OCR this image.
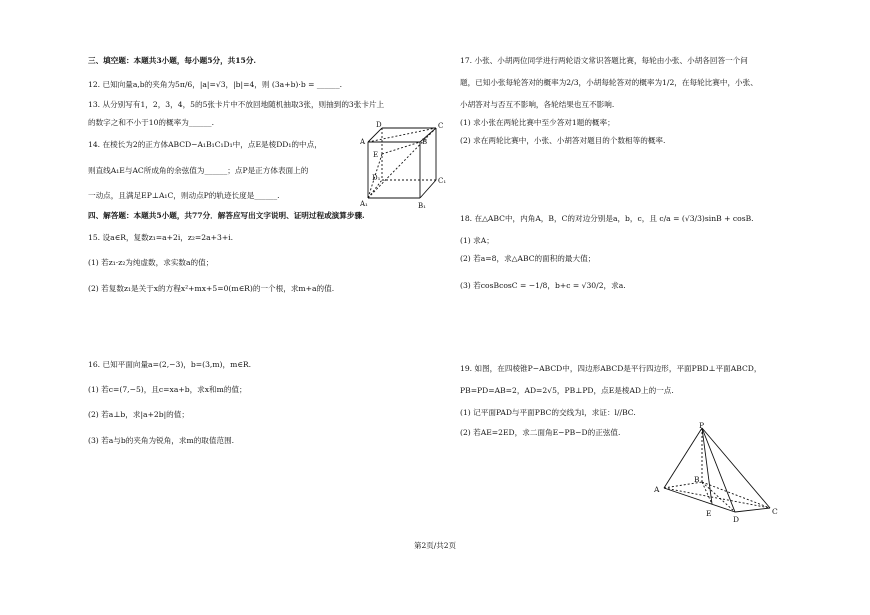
三、填空题：本题共3小题，每小题5分，共15分.
12. 已知向量a,b的夹角为5π/6，|a|=√3，|b|=4，则 (3a+b)·b = ______.
13. 从分别写有1，2，3，4，5的5张卡片中不放回地随机抽取3张，则抽到的3张卡片上
的数字之和不小于10的概率为______.
14. 在棱长为2的正方体ABCD−A₁B₁C₁D₁中，点E是棱DD₁的中点，
则直线A₁E与AC所成角的余弦值为______；点P是正方体表面上的
一动点，且满足EP⊥A₁C，则动点P的轨迹长度是______.
四、解答题：本题共5小题，共77分．解答应写出文字说明、证明过程或演算步骤.
15. 设a∈R，复数z₁=a+2i，z₂=2a+3+i.
(1) 若z₁·z₂为纯虚数，求实数a的值；
(2) 若复数z₁是关于x的方程x²+mx+5=0(m∈R)的一个根，求m+a的值.
16. 已知平面向量a=(2,−3)，b=(3,m)，m∈R.
(1) 若c=(7,−5)，且c=xa+b，求x和m的值；
(2) 若a⊥b，求|a+2b|的值；
(3) 若a与b的夹角为锐角，求m的取值范围.
D	C
A	B
E
D₁	C₁
A₁	B₁
17. 小张、小胡两位同学进行两轮语文常识答题比赛，每轮由小张、小胡各回答一个问
题，已知小张每轮答对的概率为2/3，小胡每轮答对的概率为1/2，在每轮比赛中，小张、
小胡答对与否互不影响，各轮结果也互不影响.
(1) 求小张在两轮比赛中至少答对1题的概率；
(2) 求在两轮比赛中，小张、小胡答对题目的个数相等的概率.
18. 在△ABC中，内角A，B，C的对边分别是a，b，c，且 c/a = (√3/3)sinB + cosB.
(1) 求A；
(2) 若a=8，求△ABC的面积的最大值；
(3) 若cosBcosC = −1/8，b+c = √30/2，求a.
19. 如图，在四棱锥P−ABCD中，四边形ABCD是平行四边形，平面PBD⊥平面ABCD，
PB=PD=AB=2，AD=2√5，PB⊥PD，点E是棱AD上的一点.
(1) 记平面PAD与平面PBC的交线为l，求证：l//BC.
(2) 若AE=2ED，求二面角E−PB−D的正弦值.
P
A
B
E
D
C
第2页/共2页
